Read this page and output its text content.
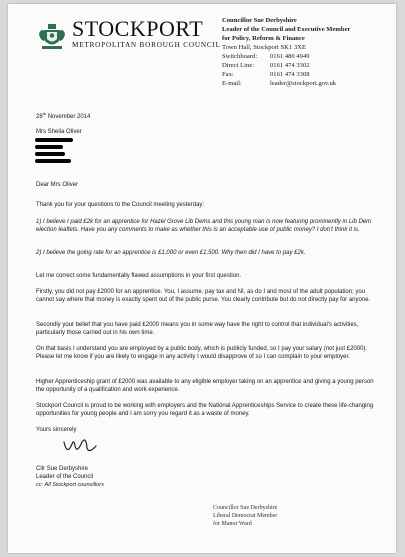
STOCKPORT
METROPOLITAN BOROUGH COUNCIL
Councillor Sue Derbyshire
Leader of the Council and Executive Member
for Policy, Reform & Finance
Town Hall, Stockport SK1 3XE
Switchboard:	0161 480 4949
Direct Line:	0161 474 3302
Fax:	0161 474 3308
E-mail:	leader@stockport.gov.uk
28th November 2014
Mrs Sheila Oliver
Dear Mrs Oliver
Thank you for your questions to the Council meeting yesterday:
1) I believe I paid £2k for an apprentice for Hazel Grove Lib Dems and this young man is now featuring prominently in Lib Dem election leaflets. Have you any comments to make as whether this is an acceptable use of public money? I don't think it is.
2) I believe the going rate for an apprentice is £1,000 or even £1,500. Why then did I have to pay £2k.
Let me correct some fundamentally flawed assumptions in your first question.
Firstly, you did not pay £2000 for an apprentice. You, I assume, pay tax and NI, as do I and most of the adult population; you cannot say where that money is exactly spent out of the public purse. You clearly contribute but do not directly pay for anyone.
Secondly your belief that you have paid £2000 means you in some way have the right to control that individual's activities, particularly those carried out in his own time.
On that basis I understand you are employed by a public body, which is publicly funded, so I pay your salary (not just £2000). Please let me know if you are likely to engage in any activity I would disapprove of so I can complain to your employer.
Higher Apprenticeship grant of £2000 was available to any eligible employer taking on an apprentice and giving a young person the opportunity of a qualification and work experience.
Stockport Council is proud to be working with employers and the National Apprenticeships Service to create these life-changing opportunities for young people and I am sorry you regard it as a waste of money.
Yours sincerely
Cllr Sue Derbyshire
Leader of the Council
cc: All Stockport councillors
Councillor Sue Derbyshire
Liberal Democrat Member
for Manor Ward
